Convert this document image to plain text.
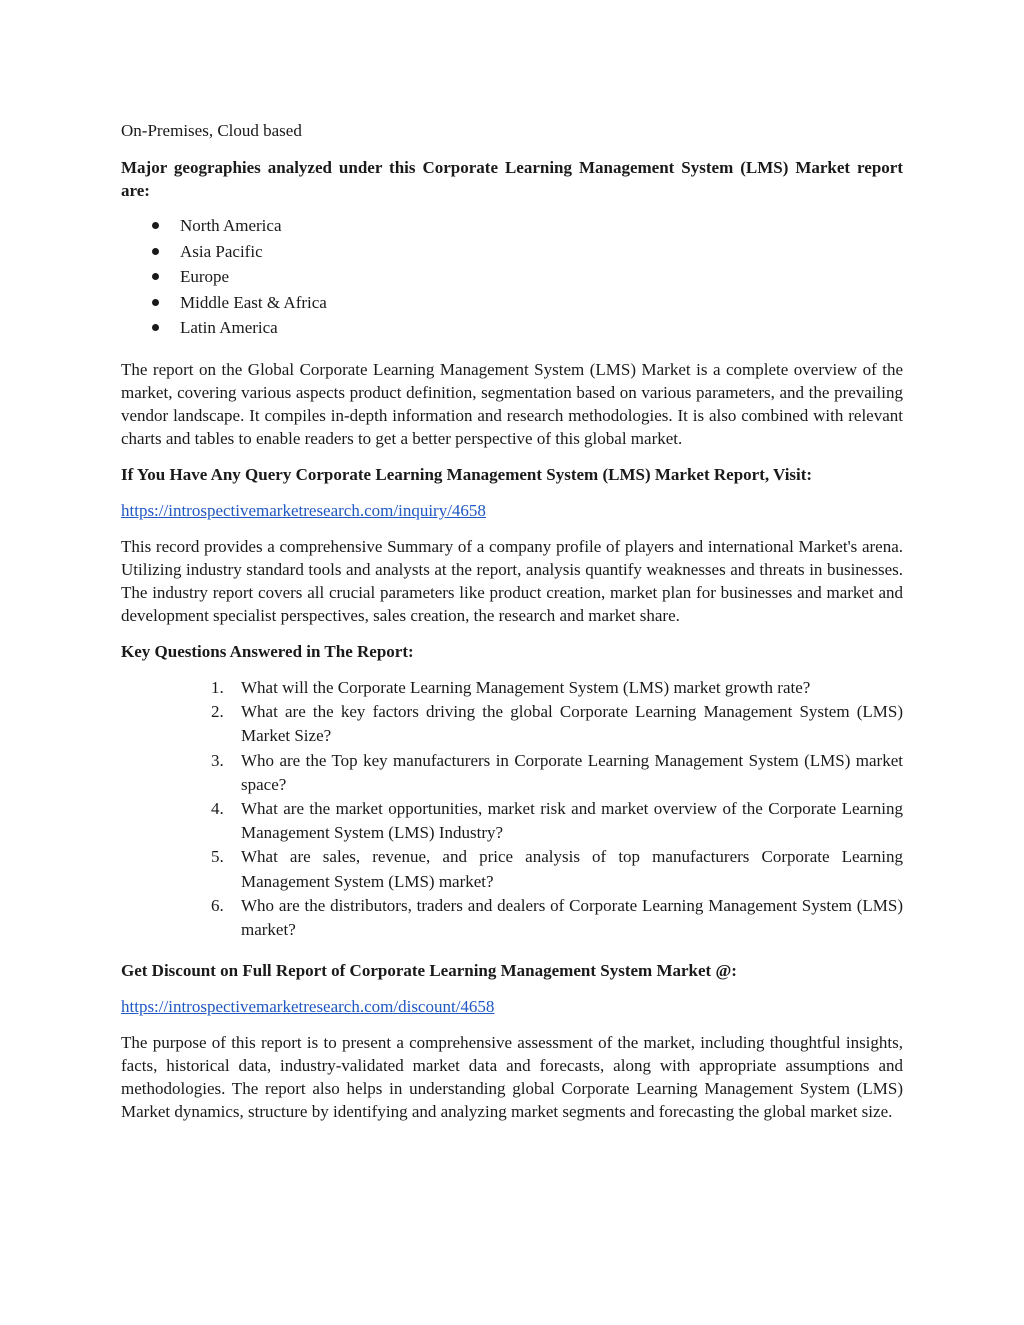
On-Premises, Cloud based

Major geographies analyzed under this Corporate Learning Management System (LMS) Market report are:

North America
Asia Pacific
Europe
Middle East & Africa
Latin America

The report on the Global Corporate Learning Management System (LMS) Market is a complete overview of the market, covering various aspects product definition, segmentation based on various parameters, and the prevailing vendor landscape. It compiles in-depth information and research methodologies. It is also combined with relevant charts and tables to enable readers to get a better perspective of this global market.

If You Have Any Query Corporate Learning Management System (LMS) Market Report, Visit:

https://introspectivemarketresearch.com/inquiry/4658

This record provides a comprehensive Summary of a company profile of players and international Market's arena. Utilizing industry standard tools and analysts at the report, analysis quantify weaknesses and threats in businesses. The industry report covers all crucial parameters like product creation, market plan for businesses and market and development specialist perspectives, sales creation, the research and market share.

Key Questions Answered in The Report:

1. What will the Corporate Learning Management System (LMS) market growth rate?
2. What are the key factors driving the global Corporate Learning Management System (LMS) Market Size?
3. Who are the Top key manufacturers in Corporate Learning Management System (LMS) market space?
4. What are the market opportunities, market risk and market overview of the Corporate Learning Management System (LMS) Industry?
5. What are sales, revenue, and price analysis of top manufacturers Corporate Learning Management System (LMS) market?
6. Who are the distributors, traders and dealers of Corporate Learning Management System (LMS) market?

Get Discount on Full Report of Corporate Learning Management System Market @:

https://introspectivemarketresearch.com/discount/4658

The purpose of this report is to present a comprehensive assessment of the market, including thoughtful insights, facts, historical data, industry-validated market data and forecasts, along with appropriate assumptions and methodologies. The report also helps in understanding global Corporate Learning Management System (LMS) Market dynamics, structure by identifying and analyzing market segments and forecasting the global market size.
